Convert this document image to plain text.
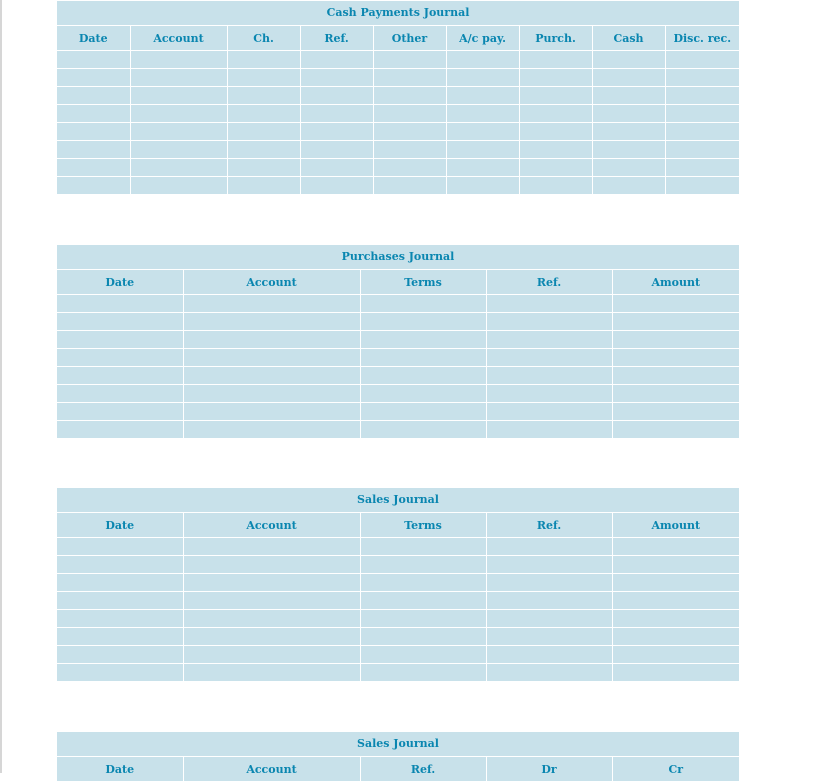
Cash Payments Journal
Date	Account	Ch.	Ref.	Other	A/c pay.	Purch.	Cash	Disc. rec.

Purchases Journal
Date	Account	Terms	Ref.	Amount

Sales Journal
Date	Account	Terms	Ref.	Amount

Sales Journal
Date	Account	Ref.	Dr	Cr
